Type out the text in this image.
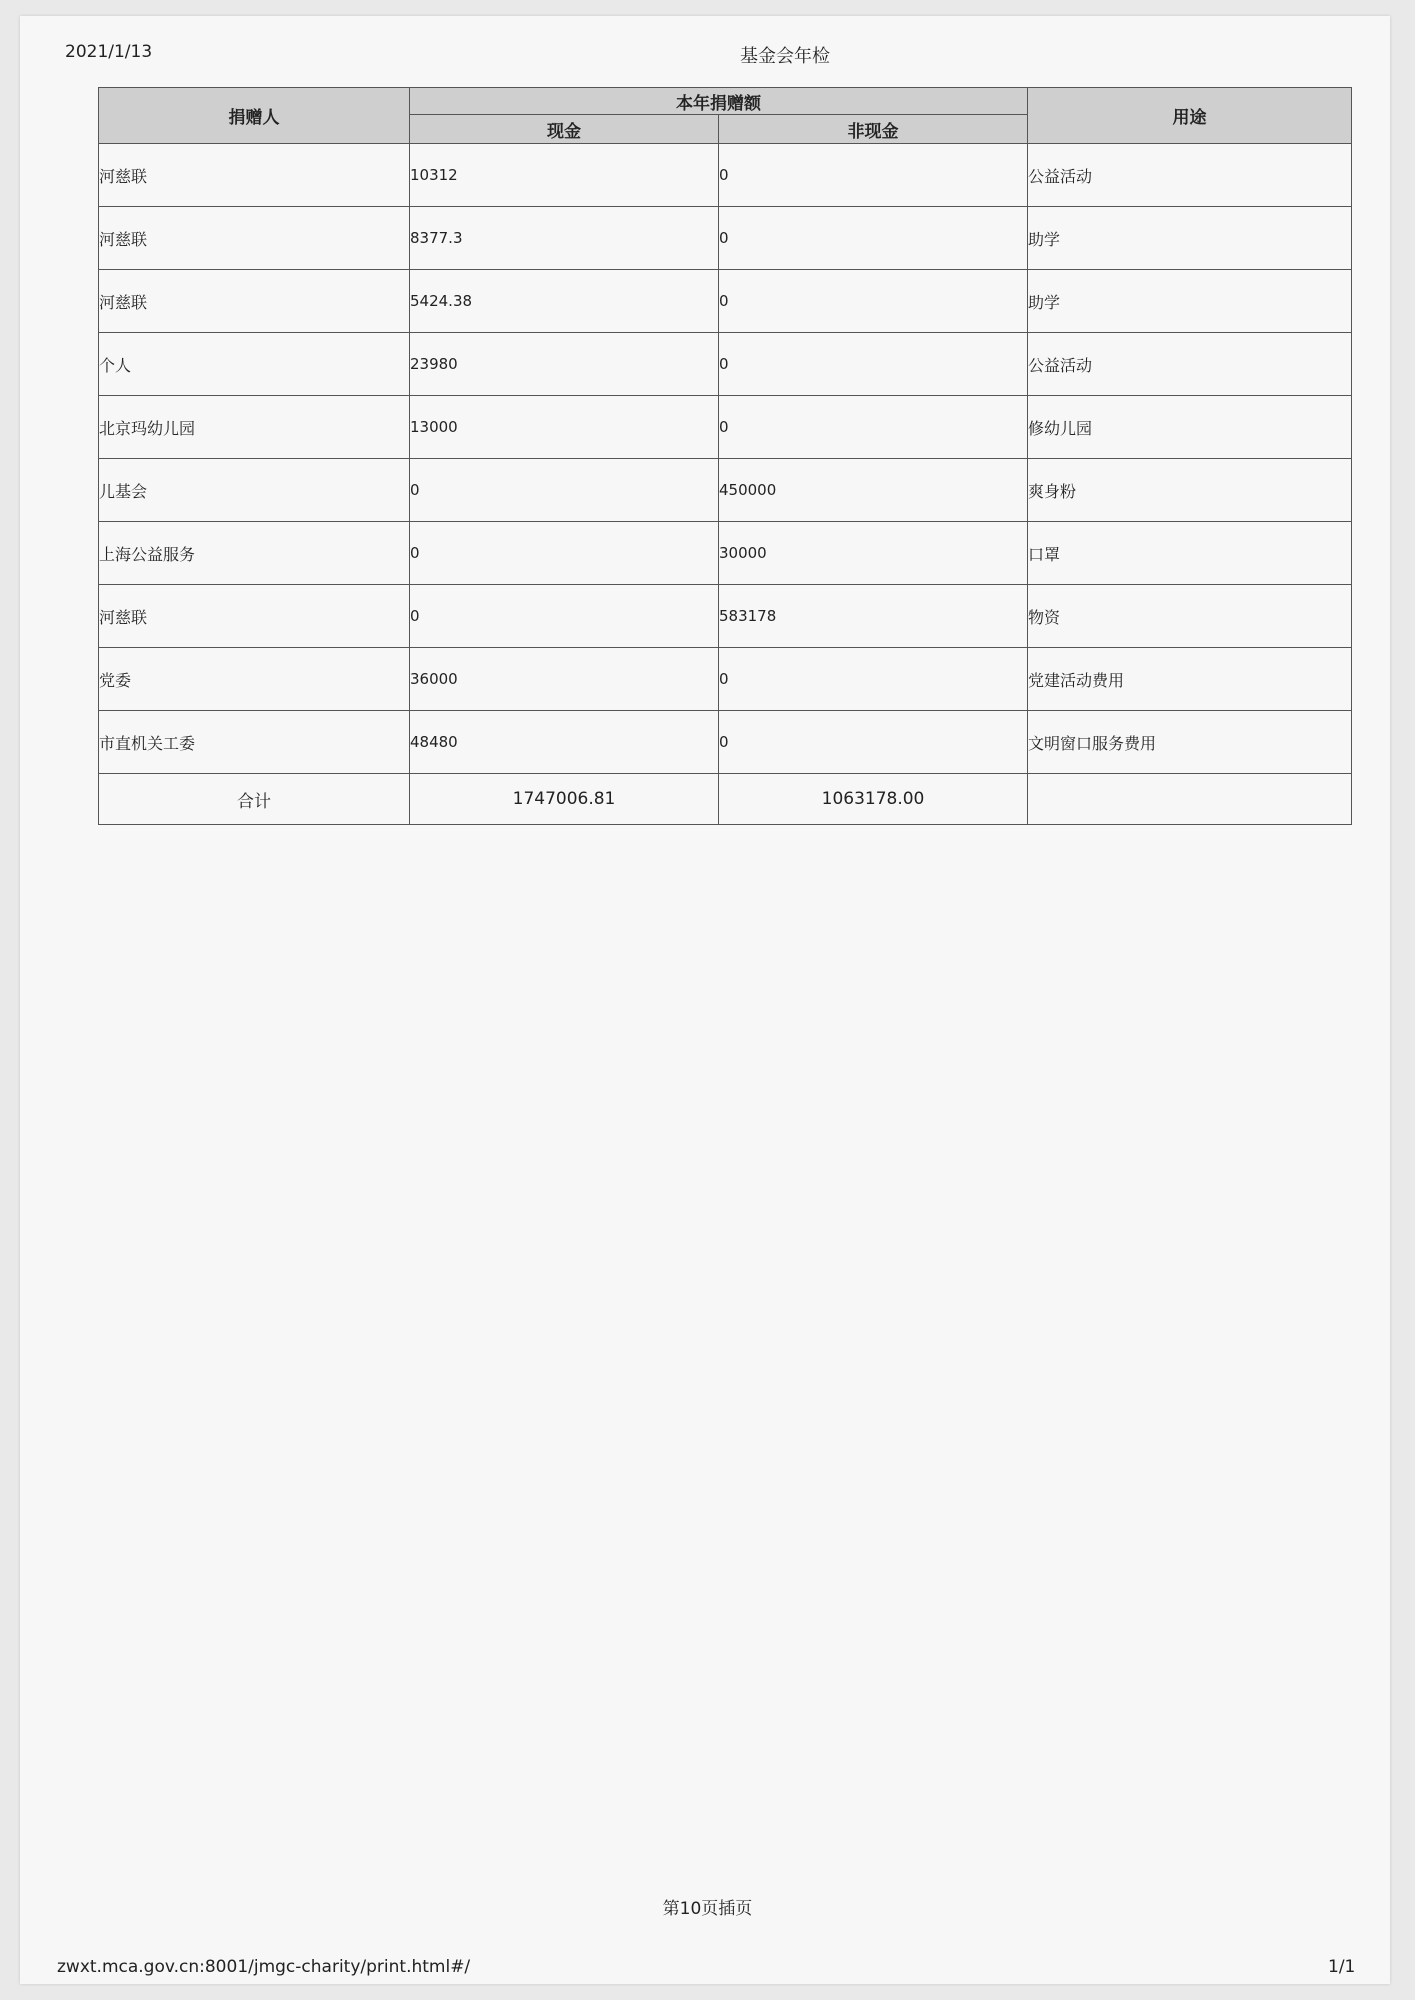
2021/1/13	基金会年检
捐赠人	本年捐赠额		用途
	现金	非现金	
河慈联	10312	0	公益活动
河慈联	8377.3	0	助学
河慈联	5424.38	0	助学
个人	23980	0	公益活动
北京玛幼儿园	13000	0	修幼儿园
儿基会	0	450000	爽身粉
上海公益服务	0	30000	口罩
河慈联	0	583178	物资
党委	36000	0	党建活动费用
市直机关工委	48480	0	文明窗口服务费用
合计	1747006.81	1063178.00	
第10页插页
zwxt.mca.gov.cn:8001/jmgc-charity/print.html#/	1/1
